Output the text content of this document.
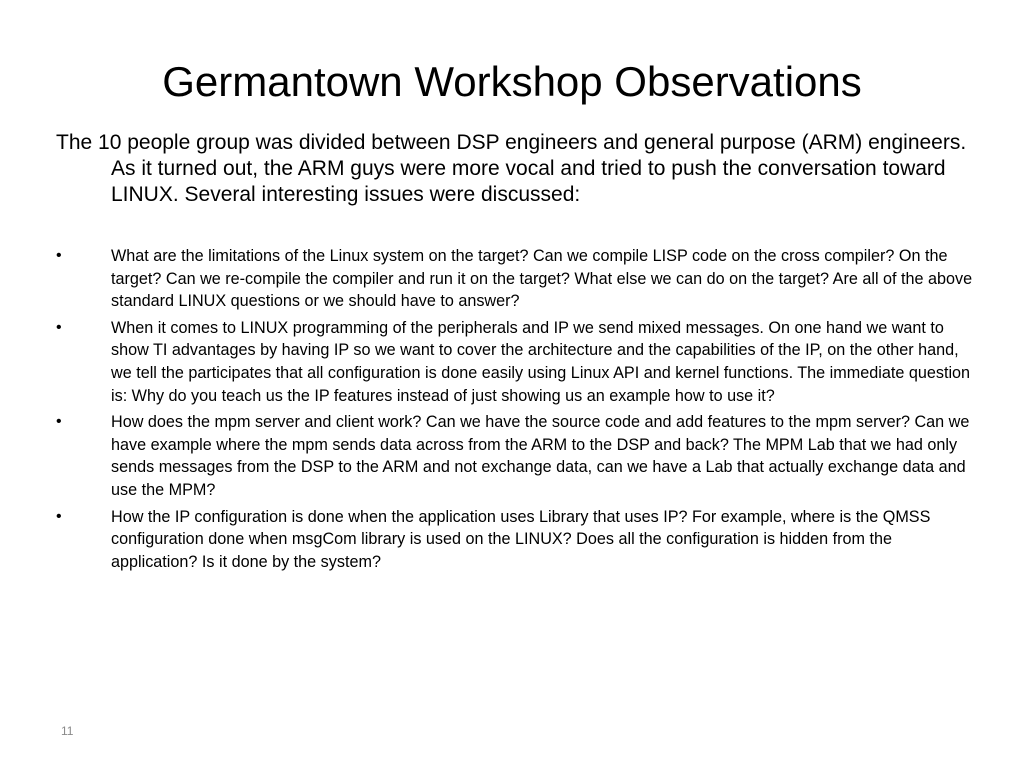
Germantown Workshop Observations
The 10 people group was divided between DSP engineers and general purpose (ARM) engineers. As it turned out, the ARM guys were more vocal and tried to push the conversation toward LINUX. Several interesting issues were discussed:
•	What are the limitations of the Linux system on the target? Can we compile LISP code on the cross compiler? On the target? Can we re-compile the compiler and run it on the target? What else we can do on the target? Are all of the above standard LINUX questions or we should have to answer?
•	When it comes to LINUX programming of the peripherals and IP we send mixed messages. On one hand we want to show TI advantages by having IP so we want to cover the architecture and the capabilities of the IP, on the other hand, we tell the participates that all configuration is done easily using Linux API and kernel functions. The immediate question is: Why do you teach us the IP features instead of just showing us an example how to use it?
•	How does the mpm server and client work? Can we have the source code and add features to the mpm server? Can we have example where the mpm sends data across from the ARM to the DSP and back? The MPM Lab that we had only sends messages from the DSP to the ARM and not exchange data, can we have a Lab that actually exchange data and use the MPM?
•	How the IP configuration is done when the application uses Library that uses IP? For example, where is the QMSS configuration done when msgCom library is used on the LINUX? Does all the configuration is hidden from the application? Is it done by the system?
11
